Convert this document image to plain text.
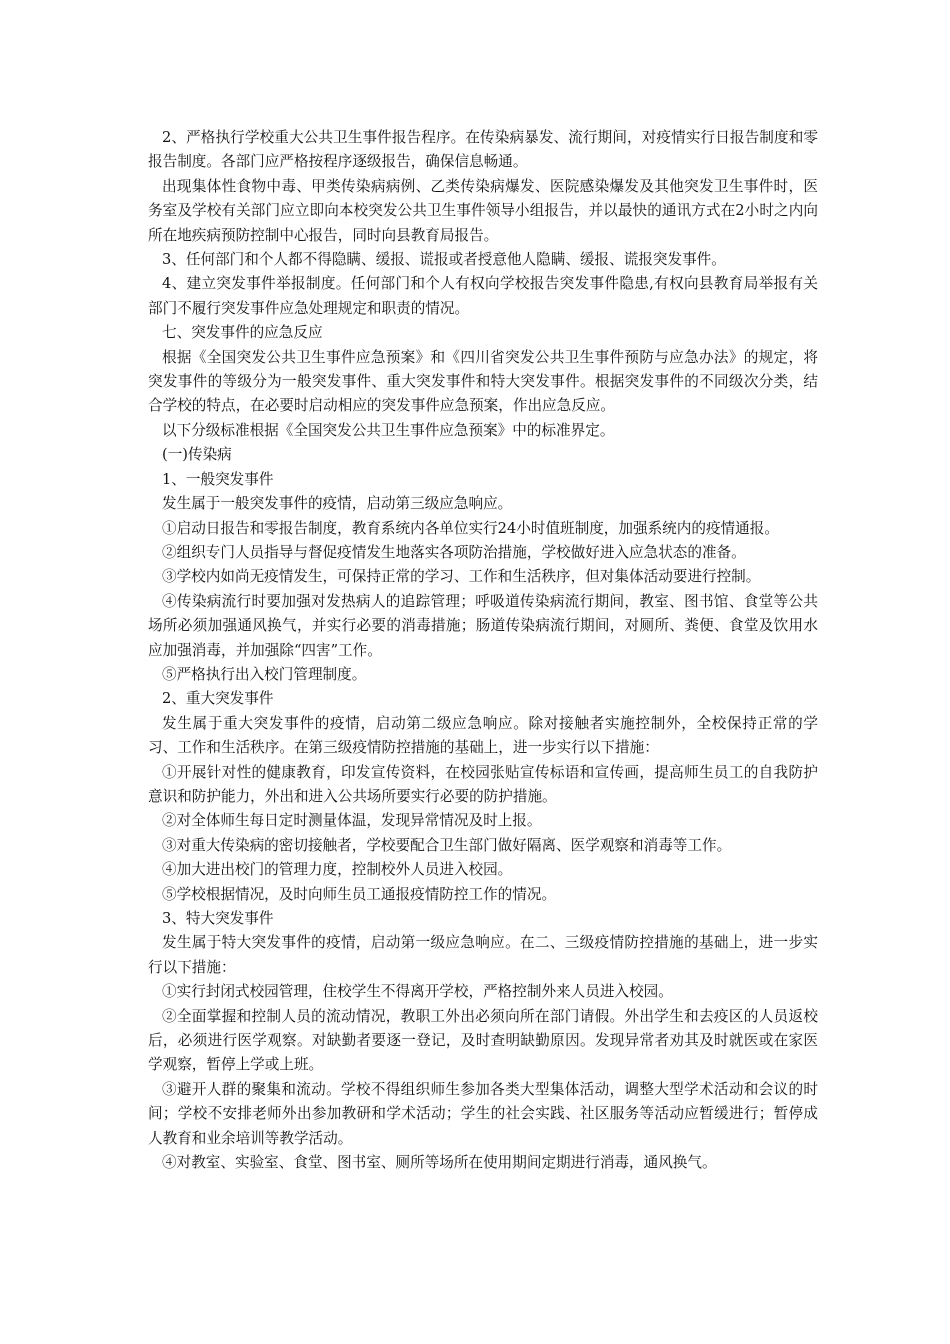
2、严格执行学校重大公共卫生事件报告程序。在传染病暴发、流行期间，对疫情实行日报告制度和零报告制度。各部门应严格按程序逐级报告，确保信息畅通。

出现集体性食物中毒、甲类传染病病例、乙类传染病爆发、医院感染爆发及其他突发卫生事件时，医务室及学校有关部门应立即向本校突发公共卫生事件领导小组报告，并以最快的通讯方式在2小时之内向所在地疾病预防控制中心报告，同时向县教育局报告。

3、任何部门和个人都不得隐瞒、缓报、谎报或者授意他人隐瞒、缓报、谎报突发事件。

4、建立突发事件举报制度。任何部门和个人有权向学校报告突发事件隐患,有权向县教育局举报有关部门不履行突发事件应急处理规定和职责的情况。

七、突发事件的应急反应

根据《全国突发公共卫生事件应急预案》和《四川省突发公共卫生事件预防与应急办法》的规定，将突发事件的等级分为一般突发事件、重大突发事件和特大突发事件。根据突发事件的不同级次分类，结合学校的特点，在必要时启动相应的突发事件应急预案，作出应急反应。

以下分级标准根据《全国突发公共卫生事件应急预案》中的标准界定。

(一)传染病

1、一般突发事件

发生属于一般突发事件的疫情，启动第三级应急响应。

①启动日报告和零报告制度，教育系统内各单位实行24小时值班制度，加强系统内的疫情通报。

②组织专门人员指导与督促疫情发生地落实各项防治措施，学校做好进入应急状态的准备。

③学校内如尚无疫情发生，可保持正常的学习、工作和生活秩序，但对集体活动要进行控制。

④传染病流行时要加强对发热病人的追踪管理；呼吸道传染病流行期间，教室、图书馆、食堂等公共场所必须加强通风换气，并实行必要的消毒措施；肠道传染病流行期间，对厕所、粪便、食堂及饮用水应加强消毒，并加强除“四害”工作。

⑤严格执行出入校门管理制度。

2、重大突发事件

发生属于重大突发事件的疫情，启动第二级应急响应。除对接触者实施控制外，全校保持正常的学习、工作和生活秩序。在第三级疫情防控措施的基础上，进一步实行以下措施：

①开展针对性的健康教育，印发宣传资料，在校园张贴宣传标语和宣传画，提高师生员工的自我防护意识和防护能力，外出和进入公共场所要实行必要的防护措施。

②对全体师生每日定时测量体温，发现异常情况及时上报。

③对重大传染病的密切接触者，学校要配合卫生部门做好隔离、医学观察和消毒等工作。

④加大进出校门的管理力度，控制校外人员进入校园。

⑤学校根据情况，及时向师生员工通报疫情防控工作的情况。

3、特大突发事件

发生属于特大突发事件的疫情，启动第一级应急响应。在二、三级疫情防控措施的基础上，进一步实行以下措施：

①实行封闭式校园管理，住校学生不得离开学校，严格控制外来人员进入校园。

②全面掌握和控制人员的流动情况，教职工外出必须向所在部门请假。外出学生和去疫区的人员返校后，必须进行医学观察。对缺勤者要逐一登记，及时查明缺勤原因。发现异常者劝其及时就医或在家医学观察，暂停上学或上班。

③避开人群的聚集和流动。学校不得组织师生参加各类大型集体活动，调整大型学术活动和会议的时间；学校不安排老师外出参加教研和学术活动；学生的社会实践、社区服务等活动应暂缓进行；暂停成人教育和业余培训等教学活动。

④对教室、实验室、食堂、图书室、厕所等场所在使用期间定期进行消毒，通风换气。
